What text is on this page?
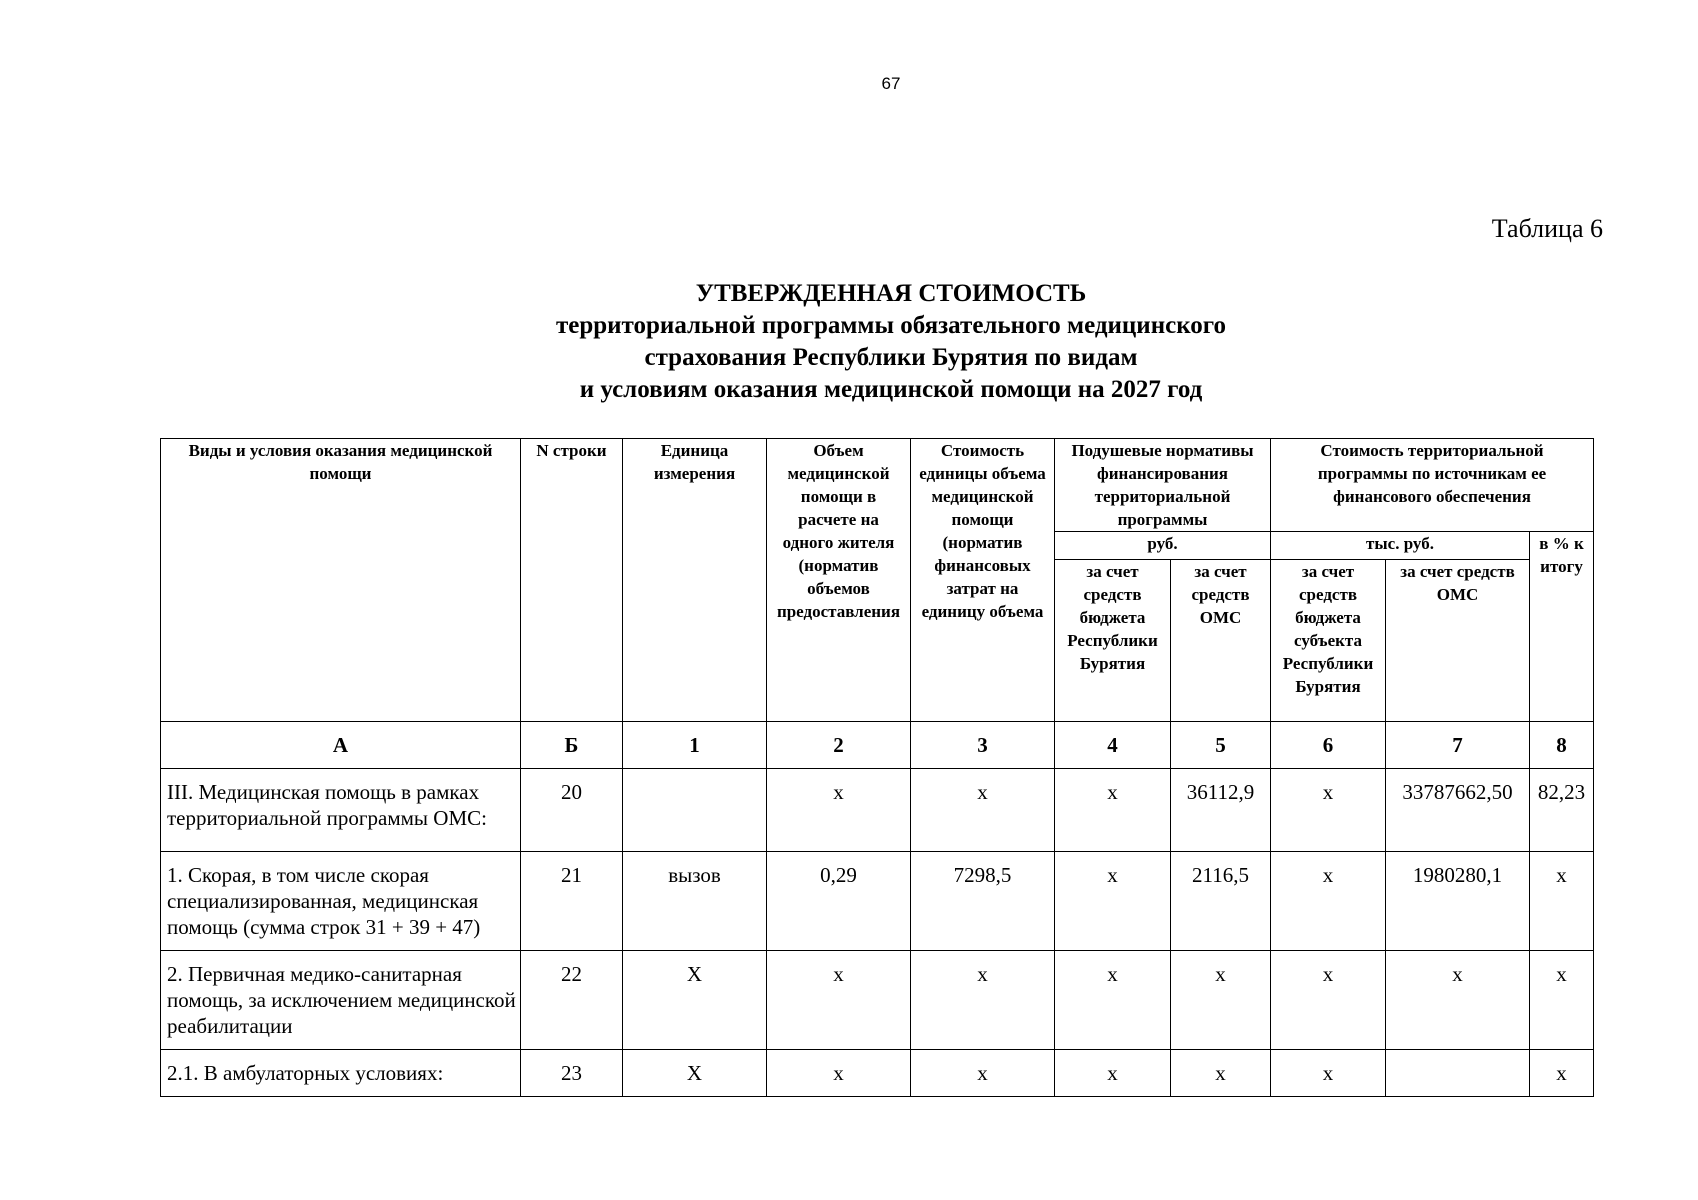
67
Таблица 6
УТВЕРЖДЕННАЯ СТОИМОСТЬ
территориальной программы обязательного медицинского
страхования Республики Бурятия по видам
и условиям оказания медицинской помощи на 2027 год
Виды и условия оказания медицинской помощи	N строки	Единица измерения	Объем медицинской помощи в расчете на одного жителя (норматив объемов предоставления	Стоимость единицы объема медицинской помощи (норматив финансовых затрат на единицу объема	Подушевые нормативы финансирования территориальной программы		Стоимость территориальной программы по источникам ее финансового обеспечения		
					руб.		тыс. руб.		в % к итогу
					за счет средств бюджета Республики Бурятия	за счет средств ОМС	за счет средств бюджета субъекта Республики Бурятия	за счет средств ОМС	
А	Б	1	2	3	4	5	6	7	8
III. Медицинская помощь в рамках территориальной программы ОМС:	20		х	х	х	36112,9	х	33787662,50	82,23
1. Скорая, в том числе скорая специализированная, медицинская помощь (сумма строк 31 + 39 + 47)	21	вызов	0,29	7298,5	х	2116,5	х	1980280,1	х
2. Первичная медико-санитарная помощь, за исключением медицинской реабилитации	22	Х	х	х	х	х	х	х	х
2.1. В амбулаторных условиях:	23	Х	х	х	х	х	х		х
